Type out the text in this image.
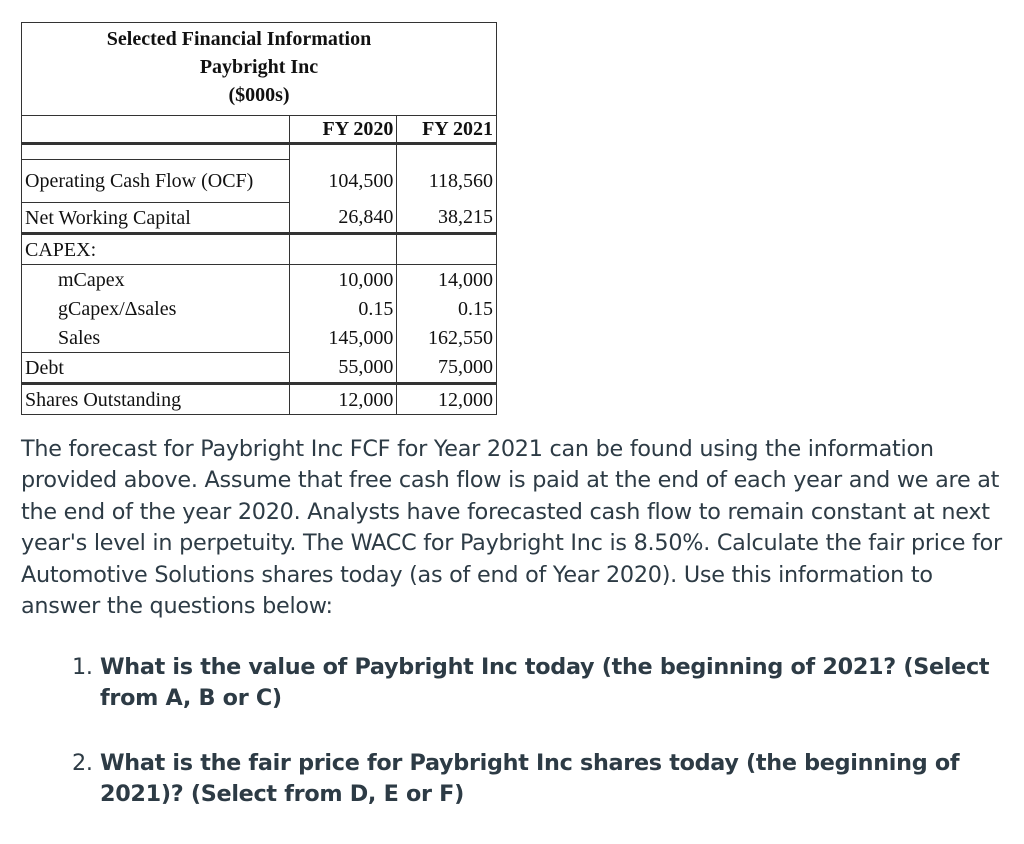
Selected Financial Information
Paybright Inc
($000s)		

	FY 2020	FY 2021

Operating Cash Flow (OCF)	104,500	118,560
Net Working Capital	26,840	38,215
CAPEX:		
mCapex	10,000	14,000
gCapex/Δsales	0.15	0.15
Sales	145,000	162,550
Debt	55,000	75,000
Shares Outstanding	12,000	12,000

The forecast for Paybright Inc FCF for Year 2021 can be found using the information provided above. Assume that free cash flow is paid at the end of each year and we are at the end of the year 2020. Analysts have forecasted cash flow to remain constant at next year's level in perpetuity. The WACC for Paybright Inc is 8.50%. Calculate the fair price for Automotive Solutions shares today (as of end of Year 2020). Use this information to answer the questions below:

1. What is the value of Paybright Inc today (the beginning of 2021? (Select from A, B or C)
2. What is the fair price for Paybright Inc shares today (the beginning of 2021)? (Select from D, E or F)
